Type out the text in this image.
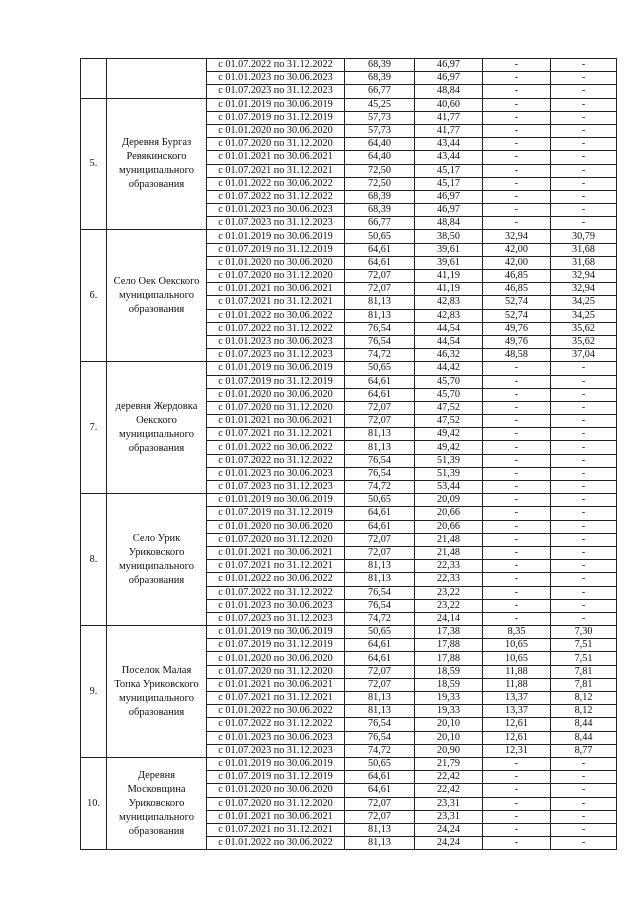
		с 01.07.2022 по 31.12.2022	68,39	46,97	-	-
		с 01.01.2023 по 30.06.2023	68,39	46,97	-	-
		с 01.07.2023 по 31.12.2023	66,77	48,84	-	-
5.	Деревня Бургаз Ревякинского муниципального образования	с 01.01.2019 по 30.06.2019	45,25	40,60	-	-
		с 01.07.2019 по 31.12.2019	57,73	41,77	-	-
		с 01.01.2020 по 30.06.2020	57,73	41,77	-	-
		с 01.07.2020 по 31.12.2020	64,40	43,44	-	-
		с 01.01.2021 по 30.06.2021	64,40	43,44	-	-
		с 01.07.2021 по 31.12.2021	72,50	45,17	-	-
		с 01.01.2022 по 30.06.2022	72,50	45,17	-	-
		с 01.07.2022 по 31.12.2022	68,39	46,97	-	-
		с 01.01.2023 по 30.06.2023	68,39	46,97	-	-
		с 01.07.2023 по 31.12.2023	66,77	48,84	-	-
6.	Село Оек Оекского муниципального образования	с 01.01.2019 по 30.06.2019	50,65	38,50	32,94	30,79
		с 01.07.2019 по 31.12.2019	64,61	39,61	42,00	31,68
		с 01.01.2020 по 30.06.2020	64,61	39,61	42,00	31,68
		с 01.07.2020 по 31.12.2020	72,07	41,19	46,85	32,94
		с 01.01.2021 по 30.06.2021	72,07	41,19	46,85	32,94
		с 01.07.2021 по 31.12.2021	81,13	42,83	52,74	34,25
		с 01.01.2022 по 30.06.2022	81,13	42,83	52,74	34,25
		с 01.07.2022 по 31.12.2022	76,54	44,54	49,76	35,62
		с 01.01.2023 по 30.06.2023	76,54	44,54	49,76	35,62
		с 01.07.2023 по 31.12.2023	74,72	46,32	48,58	37,04
7.	деревня Жердовка Оекского муниципального образования	с 01.01.2019 по 30.06.2019	50,65	44,42	-	-
		с 01.07.2019 по 31.12.2019	64,61	45,70	-	-
		с 01.01.2020 по 30.06.2020	64,61	45,70	-	-
		с 01.07.2020 по 31.12.2020	72,07	47,52	-	-
		с 01.01.2021 по 30.06.2021	72,07	47,52	-	-
		с 01.07.2021 по 31.12.2021	81,13	49,42	-	-
		с 01.01.2022 по 30.06.2022	81,13	49,42	-	-
		с 01.07.2022 по 31.12.2022	76,54	51,39	-	-
		с 01.01.2023 по 30.06.2023	76,54	51,39	-	-
		с 01.07.2023 по 31.12.2023	74,72	53,44	-	-
8.	Село Урик Уриковского муниципального образования	с 01.01.2019 по 30.06.2019	50,65	20,09	-	-
		с 01.07.2019 по 31.12.2019	64,61	20,66	-	-
		с 01.01.2020 по 30.06.2020	64,61	20,66	-	-
		с 01.07.2020 по 31.12.2020	72,07	21,48	-	-
		с 01.01.2021 по 30.06.2021	72,07	21,48	-	-
		с 01.07.2021 по 31.12.2021	81,13	22,33	-	-
		с 01.01.2022 по 30.06.2022	81,13	22,33	-	-
		с 01.07.2022 по 31.12.2022	76,54	23,22	-	-
		с 01.01.2023 по 30.06.2023	76,54	23,22	-	-
		с 01.07.2023 по 31.12.2023	74,72	24,14	-	-
9.	Поселок Малая Топка Уриковского муниципального образования	с 01.01.2019 по 30.06.2019	50,65	17,38	8,35	7,30
		с 01.07.2019 по 31.12.2019	64,61	17,88	10,65	7,51
		с 01.01.2020 по 30.06.2020	64,61	17,88	10,65	7,51
		с 01.07.2020 по 31.12.2020	72,07	18,59	11,88	7,81
		с 01.01.2021 по 30.06.2021	72,07	18,59	11,88	7,81
		с 01.07.2021 по 31.12.2021	81,13	19,33	13,37	8,12
		с 01.01.2022 по 30.06.2022	81,13	19,33	13,37	8,12
		с 01.07.2022 по 31.12.2022	76,54	20,10	12,61	8,44
		с 01.01.2023 по 30.06.2023	76,54	20,10	12,61	8,44
		с 01.07.2023 по 31.12.2023	74,72	20,90	12,31	8,77
10.	Деревня Московщина Уриковского муниципального образования	с 01.01.2019 по 30.06.2019	50,65	21,79	-	-
		с 01.07.2019 по 31.12.2019	64,61	22,42	-	-
		с 01.01.2020 по 30.06.2020	64,61	22,42	-	-
		с 01.07.2020 по 31.12.2020	72,07	23,31	-	-
		с 01.01.2021 по 30.06.2021	72,07	23,31	-	-
		с 01.07.2021 по 31.12.2021	81,13	24,24	-	-
		с 01.01.2022 по 30.06.2022	81,13	24,24	-	-
